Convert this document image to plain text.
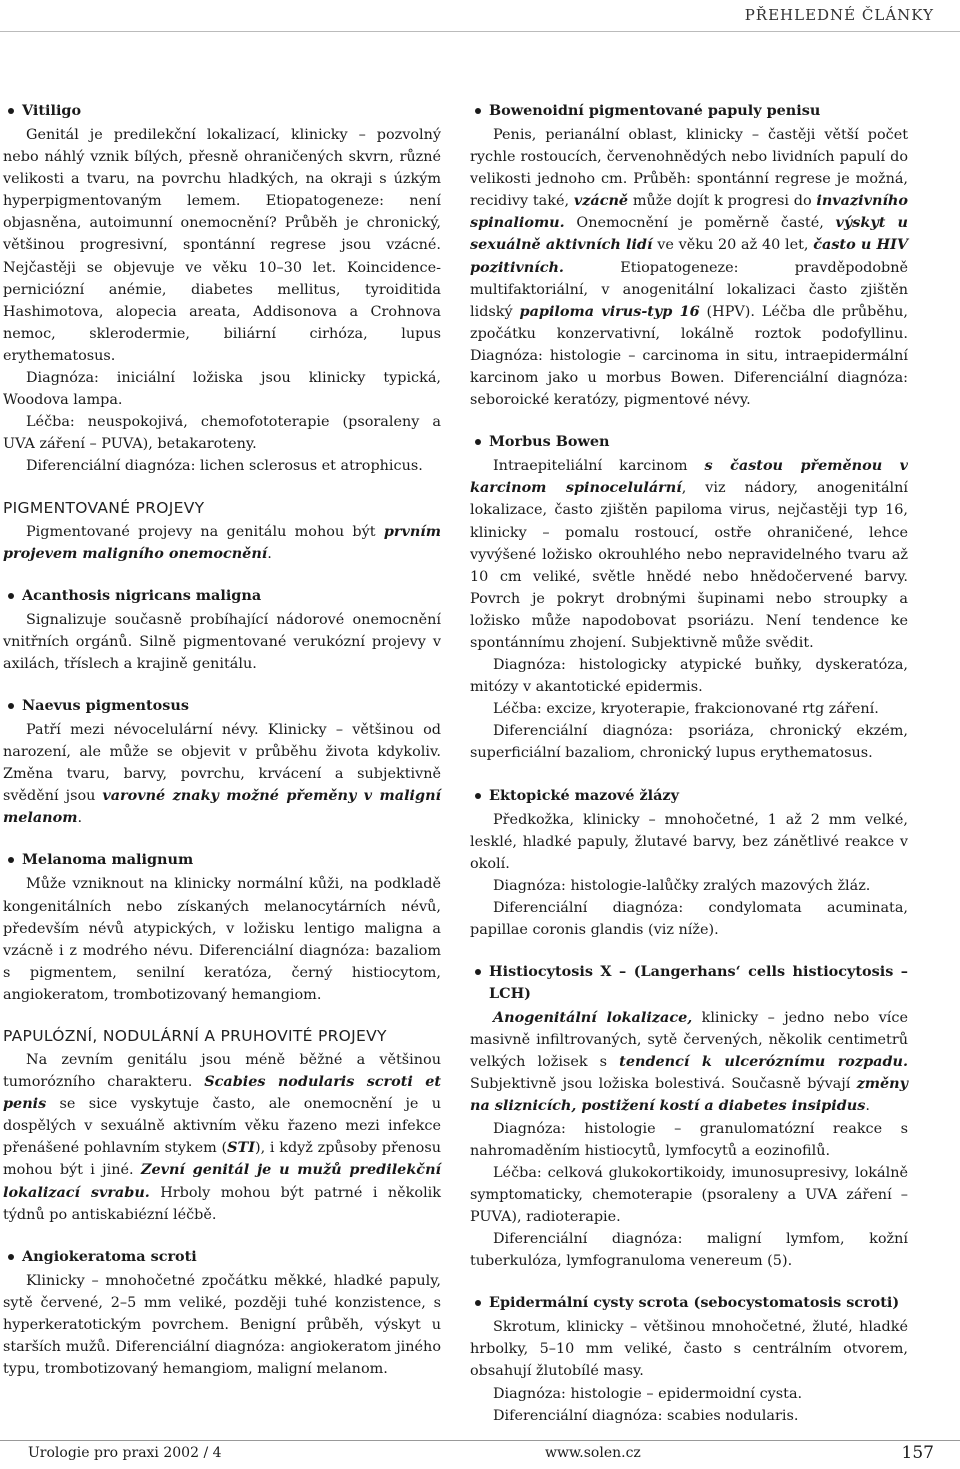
PŘEHLEDNÉ ČLÁNKY
Vitiligo

Genitál je predilekční lokalizací, klinicky – pozvolný nebo náhlý vznik bílých, přesně ohraničených skvrn, různé velikosti a tvaru, na povrchu hladkých, na okraji s úzkým hyperpigmentovaným lemem. Etiopatogeneze: není objasněna, autoimunní onemocnění? Průběh je chronický, většinou progresivní, spontánní regrese jsou vzácné. Nejčastěji se objevuje ve věku 10–30 let. Koincidence-perniciózní anémie, diabetes mellitus, tyroiditida Hashimotova, alopecia areata, Addisonova a Crohnova nemoc, sklerodermie, biliární cirhóza, lupus erythematosus.

Diagnóza: iniciální ložiska jsou klinicky typická, Woodova lampa.

Léčba: neuspokojivá, chemofototerapie (psoraleny a UVA záření – PUVA), betakaroteny.

Diferenciální diagnóza: lichen sclerosus et atrophicus.

PIGMENTOVANÉ PROJEVY

Pigmentované projevy na genitálu mohou být prvním projevem maligního onemocnění.

Acanthosis nigricans maligna

Signalizuje současně probíhající nádorové onemocnění vnitřních orgánů. Silně pigmentované verukózní projevy v axilách, tříslech a krajině genitálu.

Naevus pigmentosus

Patří mezi névocelulární névy. Klinicky – většinou od narození, ale může se objevit v průběhu života kdykoliv. Změna tvaru, barvy, povrchu, krvácení a subjektivně svědění jsou varovné znaky možné přeměny v maligní melanom.

Melanoma malignum

Může vzniknout na klinicky normální kůži, na podkladě kongenitálních nebo získaných melanocytárních névů, především névů atypických, v ložisku lentigo maligna a vzácně i z modrého névu. Diferenciální diagnóza: bazaliom s pigmentem, senilní keratóza, černý histiocytom, angiokeratom, trombotizovaný hemangiom.

PAPULÓZNÍ, NODULÁRNÍ A PRUHOVITÉ PROJEVY

Na zevním genitálu jsou méně běžné a většinou tumorózního charakteru. Scabies nodularis scroti et penis se sice vyskytuje často, ale onemocnění je u dospělých v sexuálně aktivním věku řazeno mezi infekce přenášené pohlavním stykem (STI), i když způsoby přenosu mohou být i jiné. Zevní genitál je u mužů predilekční lokalizací svrabu. Hrboly mohou být patrné i několik týdnů po antiskabiézní léčbě.

Angiokeratoma scroti

Klinicky – mnohočetné zpočátku měkké, hladké papuly, sytě červené, 2–5 mm veliké, později tuhé konzistence, s hyperkeratotickým povrchem. Benigní průběh, výskyt u starších mužů. Diferenciální diagnóza: angiokeratom jiného typu, trombotizovaný hemangiom, maligní melanom.

Bowenoidní pigmentované papuly penisu

Penis, perianální oblast, klinicky – častěji větší počet rychle rostoucích, červenohnědých nebo lividních papulí do velikosti jednoho cm. Průběh: spontánní regrese je možná, recidivy také, vzácně může dojít k progresi do invazivního spinaliomu. Onemocnění je poměrně časté, výskyt u sexuálně aktivních lidí ve věku 20 až 40 let, často u HIV pozitivních. Etiopatogeneze: pravděpodobně multifaktoriální, v anogenitální lokalizaci často zjištěn lidský papiloma virus-typ 16 (HPV). Léčba dle průběhu, zpočátku konzervativní, lokálně roztok podofyllinu. Diagnóza: histologie – carcinoma in situ, intraepidermální karcinom jako u morbus Bowen. Diferenciální diagnóza: seboroické keratózy, pigmentové névy.

Morbus Bowen

Intraepiteliální karcinom s častou přeměnou v karcinom spinocelulární, viz nádory, anogenitální lokalizace, často zjištěn papiloma virus, nejčastěji typ 16, klinicky – pomalu rostoucí, ostře ohraničené, lehce vyvýšené ložisko okrouhlého nebo nepravidelného tvaru až 10 cm veliké, světle hnědé nebo hnědočervené barvy. Povrch je pokryt drobnými šupinami nebo stroupky a ložisko může napodobovat psoriázu. Není tendence ke spontánnímu zhojení. Subjektivně může svědit.

Diagnóza: histologicky atypické buňky, dyskeratóza, mitózy v akantotické epidermis.

Léčba: excize, kryoterapie, frakcionované rtg záření.

Diferenciální diagnóza: psoriáza, chronický ekzém, superficiální bazaliom, chronický lupus erythematosus.

Ektopické mazové žlázy

Předkožka, klinicky – mnohočetné, 1 až 2 mm velké, lesklé, hladké papuly, žlutavé barvy, bez zánětlivé reakce v okolí.

Diagnóza: histologie-lalůčky zralých mazových žláz.

Diferenciální diagnóza: condylomata acuminata, papillae coronis glandis (viz níže).

Histiocytosis X – (Langerhans‘ cells histiocytosis – LCH)

Anogenitální lokalizace, klinicky – jedno nebo více masivně infiltrovaných, sytě červených, několik centimetrů velkých ložisek s tendencí k ulceróznímu rozpadu. Subjektivně jsou ložiska bolestivá. Současně bývají změny na sliznicích, postižení kostí a diabetes insipidus.

Diagnóza: histologie – granulomatózní reakce s nahromaděním histiocytů, lymfocytů a eozinofilů.

Léčba: celková glukokortikoidy, imunosupresivy, lokálně symptomaticky, chemoterapie (psoraleny a UVA záření – PUVA), radioterapie.

Diferenciální diagnóza: maligní lymfom, kožní tuberkulóza, lymfogranuloma venereum (5).

Epidermální cysty scrota (sebocystomatosis scroti)

Skrotum, klinicky – většinou mnohočetné, žluté, hladké hrbolky, 5–10 mm veliké, často s centrálním otvorem, obsahují žlutobílé masy.

Diagnóza: histologie – epidermoidní cysta.

Diferenciální diagnóza: scabies nodularis.

Urologie pro praxi 2002 / 4	www.solen.cz	157
